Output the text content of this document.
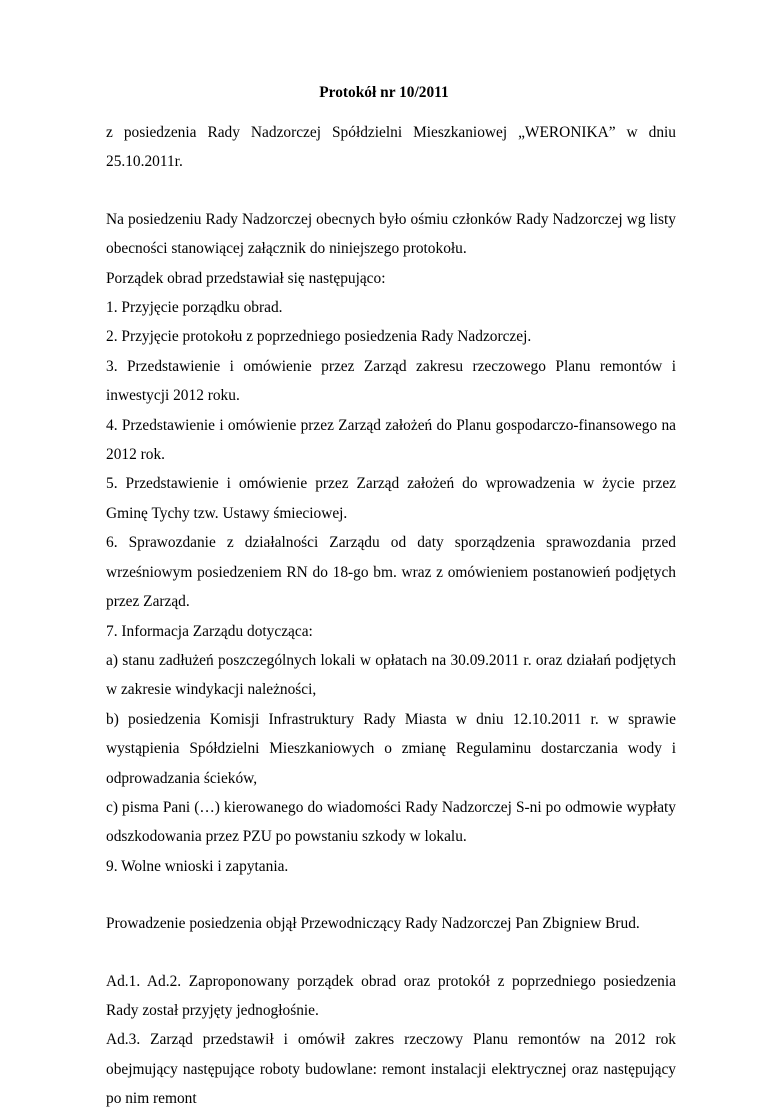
Protokół nr 10/2011

z posiedzenia Rady Nadzorczej Spółdzielni Mieszkaniowej „WERONIKA” w dniu 25.10.2011r.

Na posiedzeniu Rady Nadzorczej obecnych było ośmiu członków Rady Nadzorczej wg listy obecności stanowiącej załącznik do niniejszego protokołu.

Porządek obrad przedstawiał się następująco:

1. Przyjęcie porządku obrad.

2. Przyjęcie protokołu z poprzedniego posiedzenia Rady Nadzorczej.

3. Przedstawienie i omówienie przez Zarząd zakresu rzeczowego Planu remontów i inwestycji 2012 roku.

4. Przedstawienie i omówienie przez Zarząd założeń do Planu gospodarczo-finansowego na 2012 rok.

5. Przedstawienie i omówienie przez Zarząd założeń do wprowadzenia w życie przez Gminę Tychy tzw. Ustawy śmieciowej.

6. Sprawozdanie z działalności Zarządu od daty sporządzenia sprawozdania przed wrześniowym posiedzeniem RN do 18-go bm. wraz z omówieniem postanowień podjętych przez Zarząd.

7. Informacja Zarządu dotycząca:

a) stanu zadłużeń poszczególnych lokali w opłatach na 30.09.2011 r. oraz działań podjętych w zakresie windykacji należności,

b) posiedzenia Komisji Infrastruktury Rady Miasta w dniu 12.10.2011 r. w sprawie wystąpienia Spółdzielni Mieszkaniowych o zmianę Regulaminu dostarczania wody i odprowadzania ścieków,

c) pisma Pani (…) kierowanego do wiadomości Rady Nadzorczej S-ni po odmowie wypłaty odszkodowania przez PZU po powstaniu szkody w lokalu.

9. Wolne wnioski i zapytania.

Prowadzenie posiedzenia objął Przewodniczący Rady Nadzorczej Pan Zbigniew Brud.

Ad.1. Ad.2. Zaproponowany porządek obrad oraz protokół z poprzedniego posiedzenia Rady został przyjęty jednogłośnie.

Ad.3. Zarząd przedstawił i omówił zakres rzeczowy Planu remontów na 2012 rok obejmujący następujące roboty budowlane: remont instalacji elektrycznej oraz następujący po nim remont
